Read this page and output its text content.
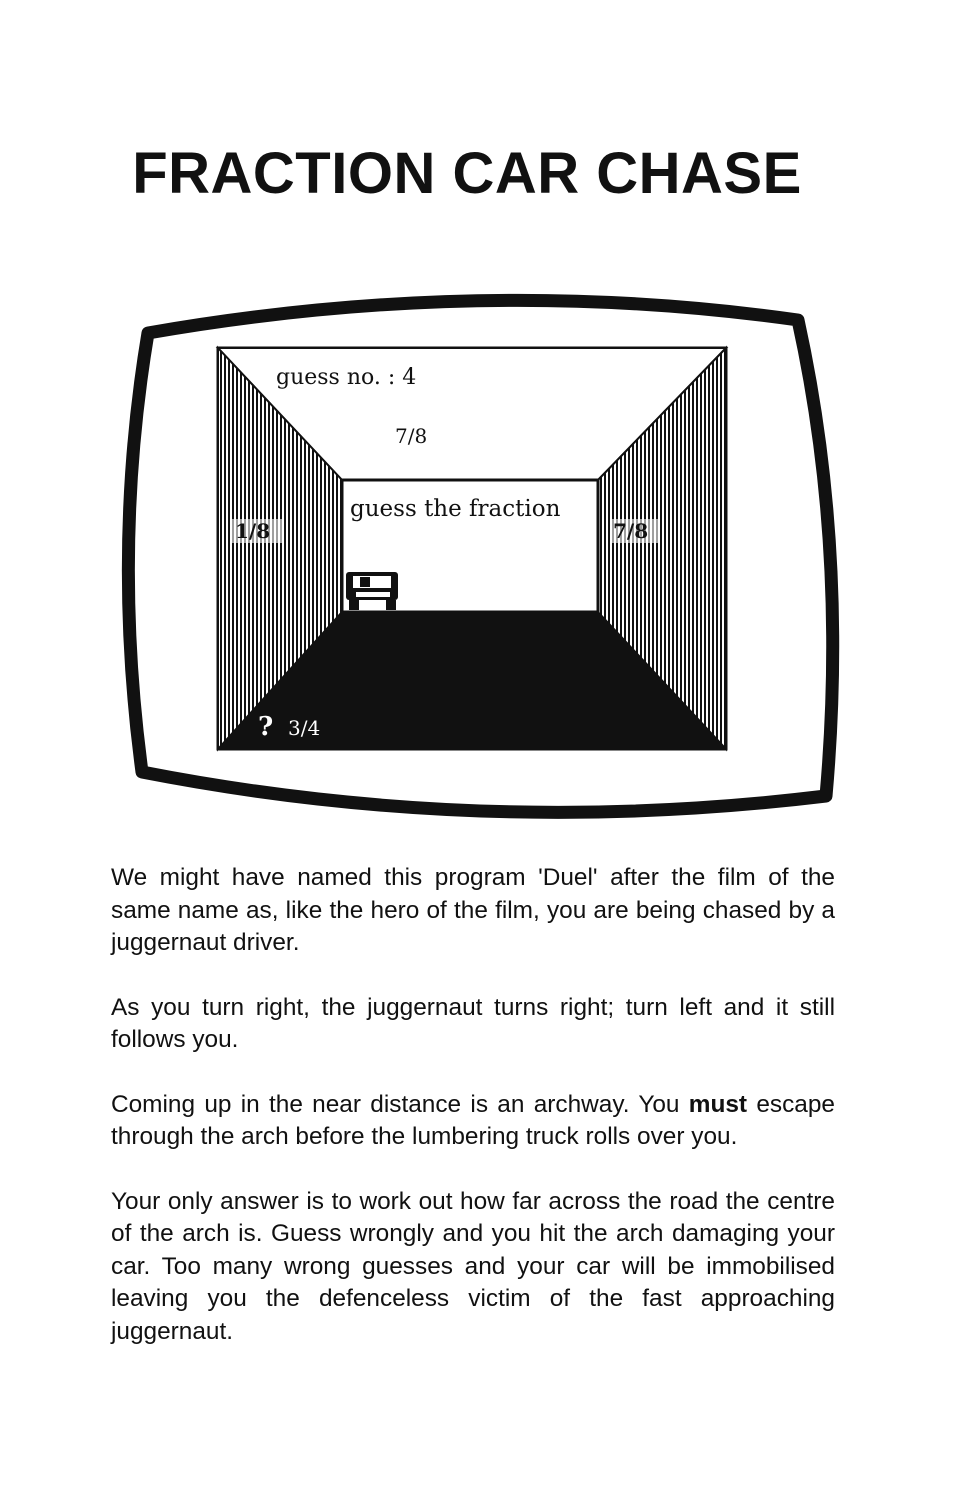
FRACTION CAR CHASE
guess no. : 4
7/8
guess the fraction
1/8	7/8
? 3/4

We might have named this program 'Duel' after the film of the same name as, like the hero of the film, you are being chased by a juggernaut driver.

As you turn right, the juggernaut turns right; turn left and it still follows you.

Coming up in the near distance is an archway. You must escape through the arch before the lumbering truck rolls over you.

Your only answer is to work out how far across the road the centre of the arch is. Guess wrongly and you hit the arch damaging your car. Too many wrong guesses and your car will be immobilised leaving you the defenceless victim of the fast approaching juggernaut.
